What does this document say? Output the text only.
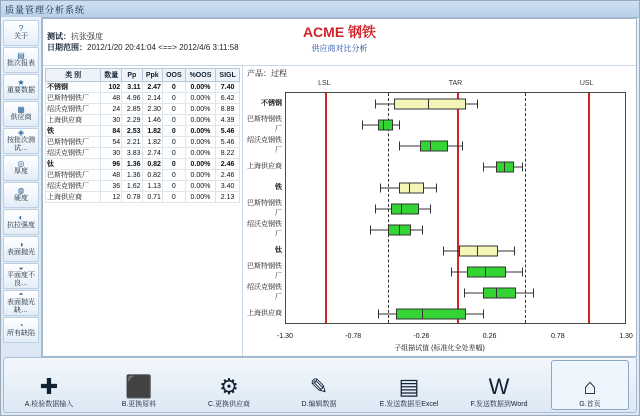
质量管理分析系统
?
关于
▤
批次报表
★
重要数据
▦
供应商
◈
按批次测试…
◎
厚度
◍
硬度
◐
抗拉强度
◑
表面抛光
◒
平面度不良…
◓
表面抛光缺…
◔
所有缺陷
ACME 钢铁
供应商对比分析
测试：抗张强度
日期范围：2012/1/20 20:41:04 <==> 2012/4/6 3:11:58
类 别	数量	Pp	Ppk	OOS	%OOS	SIGL
不锈钢	102	3.11	2.47	0	0.00%	7.40
巴斯特钢铁厂	48	4.96	2.14	0	0.00%	6.42
绍沃克钢铁厂	24	2.85	2.30	0	0.00%	8.89
上海供应商	30	2.29	1.46	0	0.00%	4.39
铁	84	2.53	1.82	0	0.00%	5.46
巴斯特钢铁厂	54	2.21	1.82	0	0.00%	5.46
绍沃克钢铁厂	30	3.83	2.74	0	0.00%	8.22
钛	96	1.36	0.82	0	0.00%	2.46
巴斯特钢铁厂	48	1.36	0.82	0	0.00%	2.46
绍沃克钢铁厂	36	1.62	1.13	0	0.00%	3.40
上海供应商	12	0.78	0.71	0	0.00%	2.13
产品：过程
LSL	TAR	USL
不锈钢
巴斯特钢铁厂
绍沃克钢铁厂
上海供应商
铁
巴斯特钢铁厂
绍沃克钢铁厂
钛
巴斯特钢铁厂
绍沃克钢铁厂
上海供应商
-1.30	-0.78	-0.26	0.26	0.78	1.30
子组描试值 (标准化全处差幅)
✚
A.检验数据输入
⬛
B.更换原料
⚙
C.更换供应商
✎
D.编辑数据
▤
E.发送数据至Excel
W
F.发送数据到Word
⌂
G.首页
